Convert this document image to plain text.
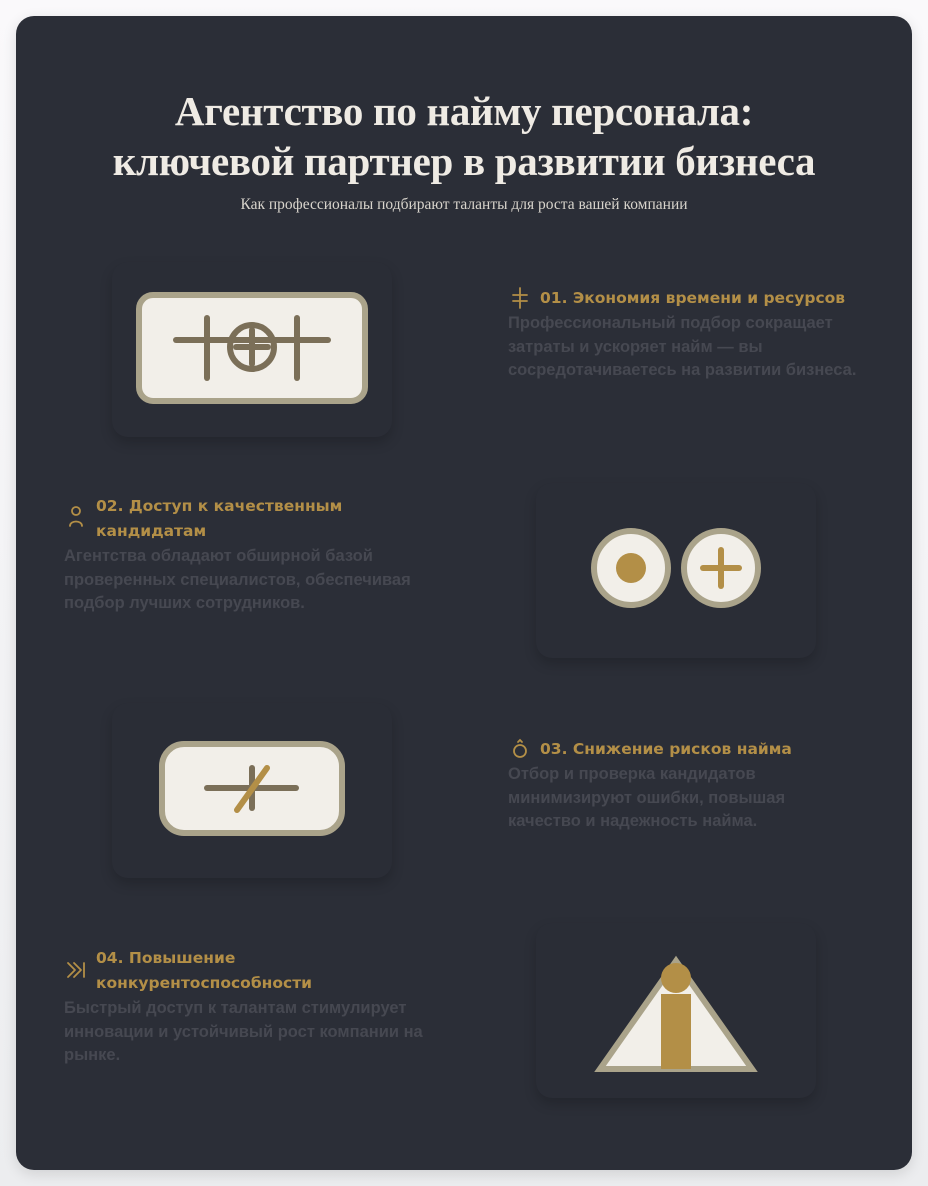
Агентство по найму персонала:
ключевой партнер в развитии бизнеса
Как профессионалы подбирают таланты для роста вашей компании
01. Экономия времени и ресурсов
Профессиональный подбор сокращает затраты и ускоряет найм — вы сосредотачиваетесь на развитии бизнеса.
02. Доступ к качественным кандидатам
Агентства обладают обширной базой проверенных специалистов, обеспечивая подбор лучших сотрудников.
03. Снижение рисков найма
Отбор и проверка кандидатов минимизируют ошибки, повышая качество и надежность найма.
04. Повышение конкурентоспособности
Быстрый доступ к талантам стимулирует инновации и устойчивый рост компании на рынке.
